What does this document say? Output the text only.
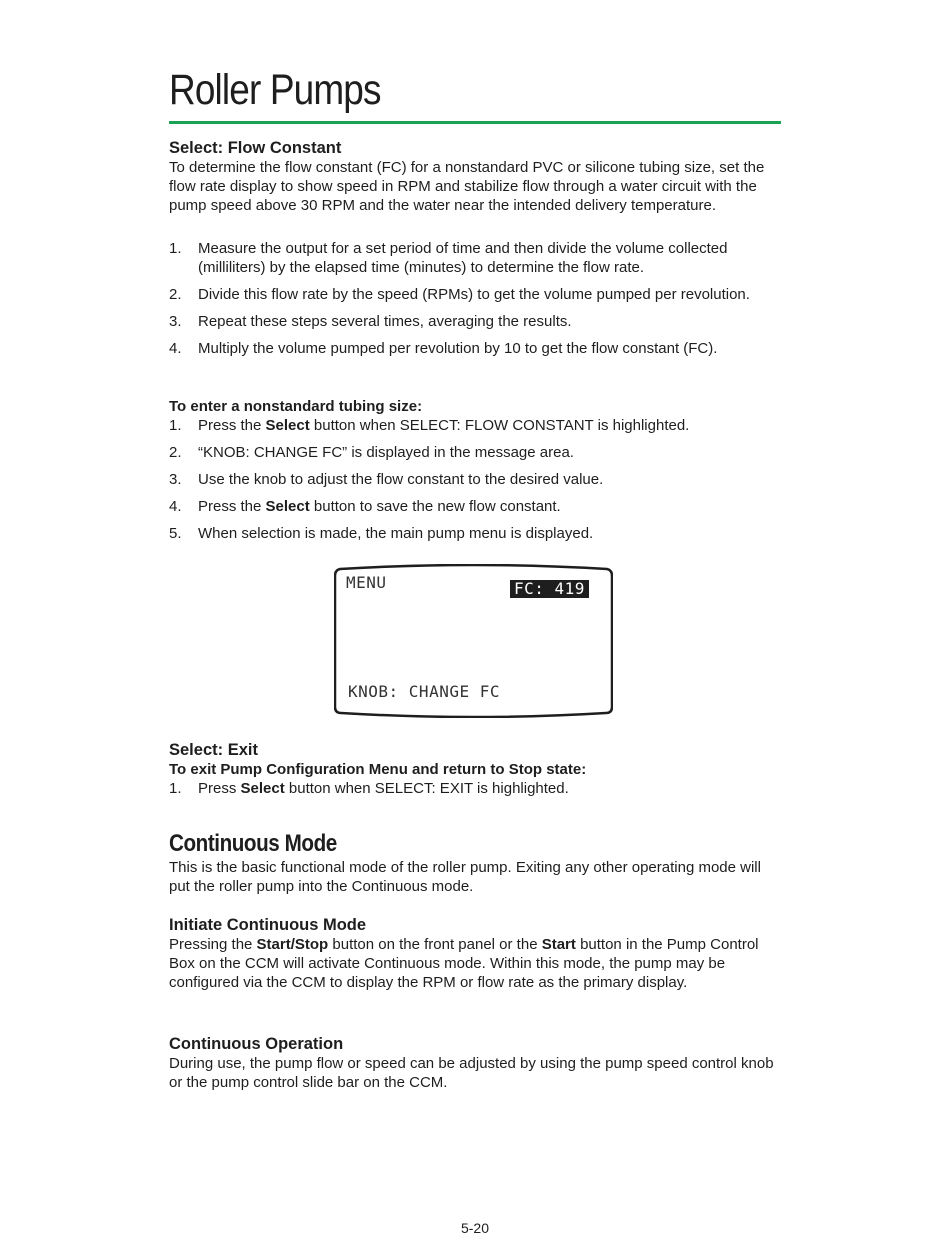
Roller Pumps
Select: Flow Constant

To determine the flow constant (FC) for a nonstandard PVC or silicone tubing size, set the flow rate display to show speed in RPM and stabilize flow through a water circuit with the pump speed above 30 RPM and the water near the intended delivery temperature.

1. Measure the output for a set period of time and then divide the volume collected (milliliters) by the elapsed time (minutes) to determine the flow rate.
2. Divide this flow rate by the speed (RPMs) to get the volume pumped per revolution.
3. Repeat these steps several times, averaging the results.
4. Multiply the volume pumped per revolution by 10 to get the flow constant (FC).
To enter a nonstandard tubing size:
1. Press the Select button when SELECT: FLOW CONSTANT is highlighted.
2. “KNOB: CHANGE FC” is displayed in the message area.
3. Use the knob to adjust the flow constant to the desired value.
4. Press the Select button to save the new flow constant.
5. When selection is made, the main pump menu is displayed.
MENU	FC: 419
KNOB: CHANGE FC
Select: Exit
To exit Pump Configuration Menu and return to Stop state:
1. Press Select button when SELECT: EXIT is highlighted.
Continuous Mode

This is the basic functional mode of the roller pump. Exiting any other operating mode will put the roller pump into the Continuous mode.

Initiate Continuous Mode

Pressing the Start/Stop button on the front panel or the Start button in the Pump Control Box on the CCM will activate Continuous mode. Within this mode, the pump may be configured via the CCM to display the RPM or flow rate as the primary display.

Continuous Operation

During use, the pump flow or speed can be adjusted by using the pump speed control knob or the pump control slide bar on the CCM.

5-20
